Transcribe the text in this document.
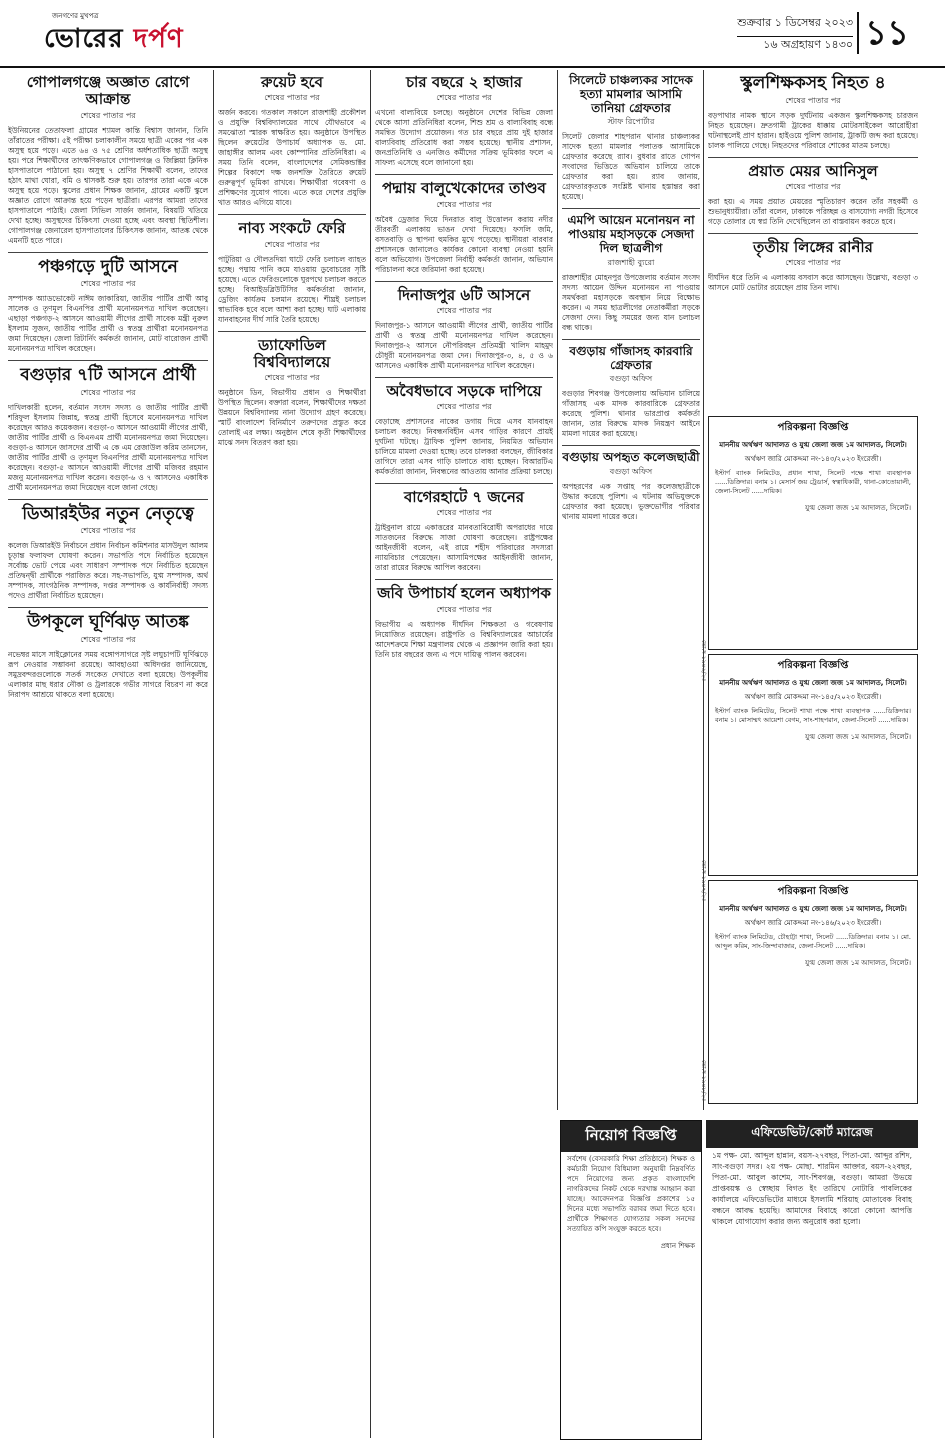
জনগণের মুখপত্র
ভোরের দর্পণ
শুক্রবার ১ ডিসেম্বর ২০২৩
১৬ অগ্রহায়ণ ১৪৩০ ১১
গোপালগঞ্জে অজ্ঞাত রোগে আক্রান্ত
শেষের পাতার পর

ইউনিয়নের তেতাফলা গ্রামের শ্যামল কান্তি বিশ্বাস জানান, তিনি তাঁরাতের পরীক্ষা। ৫ই পরীক্ষা চলাকালীন সময়ে ছাত্রী একের পর এক অসুস্থ হয়ে পড়ে। এতে ৬৪ ও ৭৫ শ্রেণির অর্ধশতাধিক ছাত্রী অসুস্থ হয়। পরে শিক্ষার্থীদের তাৎক্ষণিকভাবে গোপালগঞ্জ ও জিল্লিয়া ক্লিনিক হাসপাতালে পাঠানো হয়। অসুস্থ ৭ শ্রেণির শিক্ষার্থী বলেন, তাদের হঠাৎ মাথা ঘোরা, বমি ও শ্বাসকষ্ট শুরু হয়। তারপর তারা একে একে অসুস্থ হয়ে পড়ে। স্কুলের প্রধান শিক্ষক জানান, গ্রামের একটি স্কুলে অজ্ঞাত রোগে আক্রান্ত হয়ে পড়েন ছাত্রীরা। এরপর আমরা তাদের হাসপাতালে পাঠাই। জেলা সিভিল সার্জন জানান, বিষয়টি খতিয়ে দেখা হচ্ছে। অসুস্থদের চিকিৎসা দেওয়া হচ্ছে এবং অবস্থা স্থিতিশীল। গোপালগঞ্জ জেনারেল হাসপাতালের চিকিৎসক জানান, আতঙ্ক থেকে এমনটি হতে পারে।

পঞ্চগড়ে দুটি আসনে
শেষের পাতার পর

সম্পাদক অ্যাডভোকেট নাঈম জাকারিয়া, জাতীয় পার্টির প্রার্থী আবু সালেক ও তৃণমূল বিএনপির প্রার্থী মনোনয়নপত্র দাখিল করেছেন। এছাড়া পঞ্চগড়-২ আসনে আওয়ামী লীগের প্রার্থী সাবেক মন্ত্রী নুরুল ইসলাম সুজন, জাতীয় পার্টির প্রার্থী ও স্বতন্ত্র প্রার্থীরা মনোনয়নপত্র জমা দিয়েছেন। জেলা রিটার্নিং কর্মকর্তা জানান, মোট বারোজন প্রার্থী মনোনয়নপত্র দাখিল করেছেন।

বগুড়ার ৭টি আসনে প্রার্থী
শেষের পাতার পর

দাখিলকারী হলেন, বর্তমান সংসদ সদস্য ও জাতীয় পার্টির প্রার্থী শরিফুল ইসলাম জিন্নাহ, স্বতন্ত্র প্রার্থী হিসেবে মনোনয়নপত্র দাখিল করেছেন আরও কয়েকজন। বগুড়া-৩ আসনে আওয়ামী লীগের প্রার্থী, জাতীয় পার্টির প্রার্থী ও বিএনএম প্রার্থী মনোনয়নপত্র জমা দিয়েছেন। বগুড়া-৪ আসনে জাসদের প্রার্থী এ কে এম রেজাউল করিম তানসেন, জাতীয় পার্টির প্রার্থী ও তৃণমূল বিএনপির প্রার্থী মনোনয়নপত্র দাখিল করেছেন। বগুড়া-৫ আসনে আওয়ামী লীগের প্রার্থী মজিবর রহমান মজনু মনোনয়নপত্র দাখিল করেন। বগুড়া-৬ ও ৭ আসনেও একাধিক প্রার্থী মনোনয়নপত্র জমা দিয়েছেন বলে জানা গেছে।

ডিআরইউর নতুন নেতৃত্বে
শেষের পাতার পর

কলেজ ডিআরইউ নির্বাচনে প্রধান নির্বাচন কমিশনার মাসউদুল আলম চূড়ান্ত ফলাফল ঘোষণা করেন। সভাপতি পদে নির্বাচিত হয়েছেন সর্বোচ্চ ভোট পেয়ে এবং সাধারণ সম্পাদক পদে নির্বাচিত হয়েছেন প্রতিদ্বন্দ্বী প্রার্থীকে পরাজিত করে। সহ-সভাপতি, যুগ্ম সম্পাদক, অর্থ সম্পাদক, সাংগঠনিক সম্পাদক, দপ্তর সম্পাদক ও কার্যনির্বাহী সদস্য পদেও প্রার্থীরা নির্বাচিত হয়েছেন।

উপকূলে ঘূর্ণিঝড় আতঙ্ক
শেষের পাতার পর

নভেম্বর মাসে সাইক্লোনের সময় বঙ্গোপসাগরে সৃষ্ট লঘুচাপটি ঘূর্ণিঝড়ে রূপ নেওয়ার সম্ভাবনা রয়েছে। আবহাওয়া অধিদপ্তর জানিয়েছে, সমুদ্রবন্দরগুলোকে সতর্ক সংকেত দেখাতে বলা হয়েছে। উপকূলীয় এলাকার মাছ ধরার নৌকা ও ট্রলারকে গভীর সাগরে বিচরণ না করে নিরাপদ আশ্রয়ে থাকতে বলা হয়েছে।

রুয়েট হবে
শেষের পাতার পর

অর্জন করবে। গতকাল সকালে রাজশাহী প্রকৌশল ও প্রযুক্তি বিশ্ববিদ্যালয়ের সাথে যৌথভাবে এ সমঝোতা স্মারক স্বাক্ষরিত হয়। অনুষ্ঠানে উপস্থিত ছিলেন রুয়েটের উপাচার্য অধ্যাপক ড. মো. জাহাঙ্গীর আলম এবং কোম্পানির প্রতিনিধিরা। এ সময় তিনি বলেন, বাংলাদেশের সেমিকন্ডাক্টর শিল্পের বিকাশে দক্ষ জনশক্তি তৈরিতে রুয়েট গুরুত্বপূর্ণ ভূমিকা রাখবে। শিক্ষার্থীরা গবেষণা ও প্রশিক্ষণের সুযোগ পাবে। এতে করে দেশের প্রযুক্তি খাত আরও এগিয়ে যাবে।

নাব্য সংকটে ফেরি
শেষের পাতার পর

পাটুরিয়া ও দৌলতদিয়া ঘাটে ফেরি চলাচল ব্যাহত হচ্ছে। পদ্মায় পানি কমে যাওয়ায় ডুবোচরের সৃষ্টি হয়েছে। এতে ফেরিগুলোকে ঘুরপথে চলাচল করতে হচ্ছে। বিআইডব্লিউটিসির কর্মকর্তারা জানান, ড্রেজিং কার্যক্রম চলমান রয়েছে। শীঘ্রই চলাচল স্বাভাবিক হবে বলে আশা করা হচ্ছে। ঘাট এলাকায় যানবাহনের দীর্ঘ সারি তৈরি হয়েছে।

ড্যাফোডিল বিশ্ববিদ্যালয়ে
শেষের পাতার পর

অনুষ্ঠানে ডিন, বিভাগীয় প্রধান ও শিক্ষার্থীরা উপস্থিত ছিলেন। বক্তারা বলেন, শিক্ষার্থীদের দক্ষতা উন্নয়নে বিশ্ববিদ্যালয় নানা উদ্যোগ গ্রহণ করেছে। স্মার্ট বাংলাদেশ বিনির্মাণে তরুণদের প্রস্তুত করে তোলাই এর লক্ষ্য। অনুষ্ঠান শেষে কৃতী শিক্ষার্থীদের মাঝে সনদ বিতরণ করা হয়।

চার বছরে ২ হাজার
শেষের পাতার পর

এখনো বাল্যবিয়ে চলছে। অনুষ্ঠানে দেশের বিভিন্ন জেলা থেকে আসা প্রতিনিধিরা বলেন, শিশু শ্রম ও বাল্যবিবাহ বন্ধে সমন্বিত উদ্যোগ প্রয়োজন। গত চার বছরে প্রায় দুই হাজার বাল্যবিবাহ প্রতিরোধ করা সম্ভব হয়েছে। স্থানীয় প্রশাসন, জনপ্রতিনিধি ও এনজিও কর্মীদের সক্রিয় ভূমিকার ফলে এ সাফল্য এসেছে বলে জানানো হয়।

পদ্মায় বালুখেকোদের তাণ্ডব
শেষের পাতার পর

অবৈধ ড্রেজার দিয়ে দিনরাত বালু উত্তোলন করায় নদীর তীরবর্তী এলাকায় ভাঙন দেখা দিয়েছে। ফসলি জমি, বসতবাড়ি ও স্থাপনা হুমকির মুখে পড়েছে। স্থানীয়রা বারবার প্রশাসনকে জানালেও কার্যকর কোনো ব্যবস্থা নেওয়া হয়নি বলে অভিযোগ। উপজেলা নির্বাহী কর্মকর্তা জানান, অভিযান পরিচালনা করে জরিমানা করা হয়েছে।

দিনাজপুর ৬টি আসনে
শেষের পাতার পর

দিনাজপুর-১ আসনে আওয়ামী লীগের প্রার্থী, জাতীয় পার্টির প্রার্থী ও স্বতন্ত্র প্রার্থী মনোনয়নপত্র দাখিল করেছেন। দিনাজপুর-২ আসনে নৌপরিবহন প্রতিমন্ত্রী খালিদ মাহমুদ চৌধুরী মনোনয়নপত্র জমা দেন। দিনাজপুর-৩, ৪, ৫ ও ৬ আসনেও একাধিক প্রার্থী মনোনয়নপত্র দাখিল করেছেন।

অবৈধভাবে সড়কে দাপিয়ে
শেষের পাতার পর

বেড়াচ্ছে প্রশাসনের নাকের ডগায় দিয়ে এসব যানবাহন চলাচল করছে। নিবন্ধনবিহীন এসব গাড়ির কারণে প্রায়ই দুর্ঘটনা ঘটছে। ট্রাফিক পুলিশ জানায়, নিয়মিত অভিযান চালিয়ে মামলা দেওয়া হচ্ছে। তবে চালকরা বলছেন, জীবিকার তাগিদে তারা এসব গাড়ি চালাতে বাধ্য হচ্ছেন। বিআরটিএ কর্মকর্তারা জানান, নিবন্ধনের আওতায় আনার প্রক্রিয়া চলছে।

বাগেরহাটে ৭ জনের
শেষের পাতার পর

ট্রাইবুনাল রায়ে একাত্তরের মানবতাবিরোধী অপরাধের দায়ে সাতজনের বিরুদ্ধে সাজা ঘোষণা করেছেন। রাষ্ট্রপক্ষের আইনজীবী বলেন, এই রায়ে শহীদ পরিবারের সদস্যরা ন্যায়বিচার পেয়েছেন। আসামিপক্ষের আইনজীবী জানান, তারা রায়ের বিরুদ্ধে আপিল করবেন।

জবি উপাচার্য হলেন অধ্যাপক
শেষের পাতার পর

বিভাগীয় এ অধ্যাপক দীর্ঘদিন শিক্ষকতা ও গবেষণায় নিয়োজিত রয়েছেন। রাষ্ট্রপতি ও বিশ্ববিদ্যালয়ের আচার্যের আদেশক্রমে শিক্ষা মন্ত্রণালয় থেকে এ প্রজ্ঞাপন জারি করা হয়। তিনি চার বছরের জন্য এ পদে দায়িত্ব পালন করবেন।

সিলেটে চাঞ্চল্যকর সাদেক হত্যা মামলার আসামি তানিয়া গ্রেফতার
স্টাফ রিপোর্টার

সিলেট জেলার শাহপরান থানার চাঞ্চল্যকর সাদেক হত্যা মামলার পলাতক আসামিকে গ্রেফতার করেছে র‍্যাব। বুধবার রাতে গোপন সংবাদের ভিত্তিতে অভিযান চালিয়ে তাকে গ্রেফতার করা হয়। র‍্যাব জানায়, গ্রেফতারকৃতকে সংশ্লিষ্ট থানায় হস্তান্তর করা হয়েছে।

এমপি আয়েন মনোনয়ন না পাওয়ায় মহাসড়কে সেজদা দিল ছাত্রলীগ
রাজশাহী ব্যুরো

রাজশাহীর মোহনপুর উপজেলায় বর্তমান সংসদ সদস্য আয়েন উদ্দিন মনোনয়ন না পাওয়ায় সমর্থকরা মহাসড়কে অবস্থান নিয়ে বিক্ষোভ করেন। এ সময় ছাত্রলীগের নেতাকর্মীরা সড়কে সেজদা দেন। কিছু সময়ের জন্য যান চলাচল বন্ধ থাকে।

বগুড়ায় গাঁজাসহ কারবারি গ্রেফতার
বগুড়া অফিস

বগুড়ার শিবগঞ্জ উপজেলায় অভিযান চালিয়ে গাঁজাসহ এক মাদক কারবারিকে গ্রেফতার করেছে পুলিশ। থানার ভারপ্রাপ্ত কর্মকর্তা জানান, তার বিরুদ্ধে মাদক নিয়ন্ত্রণ আইনে মামলা দায়ের করা হয়েছে।

বগুড়ায় অপহৃত কলেজছাত্রী
বগুড়া অফিস

অপহরণের এক সপ্তাহ পর কলেজছাত্রীকে উদ্ধার করেছে পুলিশ। এ ঘটনায় অভিযুক্তকে গ্রেফতার করা হয়েছে। ভুক্তভোগীর পরিবার থানায় মামলা দায়ের করে।

স্কুলশিক্ষকসহ নিহত ৪
শেষের পাতার পর

বড়পাথার নামক স্থানে সড়ক দুর্ঘটনায় একজন স্কুলশিক্ষকসহ চারজন নিহত হয়েছেন। দ্রুতগামী ট্রাকের ধাক্কায় মোটরসাইকেল আরোহীরা ঘটনাস্থলেই প্রাণ হারান। হাইওয়ে পুলিশ জানায়, ট্রাকটি জব্দ করা হয়েছে। চালক পালিয়ে গেছে। নিহতদের পরিবারে শোকের মাতম চলছে।

প্রয়াত মেয়র আনিসুল
শেষের পাতার পর

করা হয়। এ সময় প্রয়াত মেয়রের স্মৃতিচারণ করেন তাঁর সহকর্মী ও শুভানুধ্যায়ীরা। তাঁরা বলেন, ঢাকাকে পরিচ্ছন্ন ও বাসযোগ্য নগরী হিসেবে গড়ে তোলার যে স্বপ্ন তিনি দেখেছিলেন তা বাস্তবায়ন করতে হবে।

তৃতীয় লিঙ্গের রানীর
শেষের পাতার পর

দীর্ঘদিন ধরে তিনি এ এলাকায় বসবাস করে আসছেন। উল্লেখ্য, বগুড়া ৩ আসনে মোট ভোটার রয়েছেন প্রায় তিন লাখ।

পরিকল্পনা বিজ্ঞপ্তি
মাননীয় অর্থঋণ আদালত ও যুগ্ম জেলা জজ ১ম আদালত, সিলেট।
অর্থঋণ জারি মোকদ্দমা নং-১৪৩/২০২৩ ইংরেজী।
ইস্টার্ণ ব্যাংক লিমিটেড, প্রধান শাখা, সিলেট পক্ষে শাখা ব্যবস্থাপক ......ডিক্রিদার। বনাম ১। মেসার্স জয় ট্রেডার্স, স্বত্বাধিকারী, থানা-কোতোয়ালী, জেলা-সিলেট ......দায়িক।
যুগ্ম জেলা জজ ১ম আদালত, সিলেট।
পরিকল্পনা বিজ্ঞপ্তি
মাননীয় অর্থঋণ আদালত ও যুগ্ম জেলা জজ ১ম আদালত, সিলেট।
অর্থঋণ জারি মোকদ্দমা নং-১৪৫/২০২৩ ইংরেজী।
ইস্টার্ণ ব্যাংক লিমিটেড, সিলেট শাখা পক্ষে শাখা ব্যবস্থাপক ......ডিক্রিদার। বনাম ১। মোসাম্মৎ আয়েশা বেগম, সাং-শাহপরান, জেলা-সিলেট ......দায়িক।
যুগ্ম জেলা জজ ১ম আদালত, সিলেট।
পরিকল্পনা বিজ্ঞপ্তি
মাননীয় অর্থঋণ আদালত ও যুগ্ম জেলা জজ ১ম আদালত, সিলেট।
অর্থঋণ জারি মোকদ্দমা নং-১৪৬/২০২৩ ইংরেজী।
ইস্টার্ণ ব্যাংক লিমিটেড, চৌহাট্টা শাখা, সিলেট ......ডিক্রিদার। বনাম ১। মো. আব্দুল করিম, সাং-জিন্দাবাজার, জেলা-সিলেট ......দায়িক।
যুগ্ম জেলা জজ ১ম আদালত, সিলেট।
ভো.দ-১৯৪৬/২৩
ভো.দ-১৯৪৭/২৩
ভো.দ-১৯৪৮/২৩
নিয়োগ বিজ্ঞপ্তি
সর্বশেষ (বেসরকারি শিক্ষা প্রতিষ্ঠানে) শিক্ষক ও কর্মচারী নিয়োগ বিধিমালা অনুযায়ী নিম্নবর্ণিত পদে নিয়োগের জন্য প্রকৃত বাংলাদেশি নাগরিকদের নিকট থেকে দরখাস্ত আহ্বান করা যাচ্ছে। আবেদনপত্র বিজ্ঞপ্তি প্রকাশের ১৫ দিনের মধ্যে সভাপতি বরাবর জমা দিতে হবে। প্রার্থীকে শিক্ষাগত যোগ্যতার সকল সনদের সত্যায়িত কপি সংযুক্ত করতে হবে।
প্রধান শিক্ষক
এফিডেভিট/কোর্ট ম্যারেজ
১ম পক্ষ- মো. আব্দুল হান্নান, বয়স-২৭বছর, পিতা-মো. আব্দুর রশিদ, সাং-বগুড়া সদর। ২য় পক্ষ- মোছা. শারমিন আক্তার, বয়স-২২বছর, পিতা-মো. আবুল কাশেম, সাং-শিবগঞ্জ, বগুড়া। আমরা উভয়ে প্রাপ্তবয়স্ক ও স্বেচ্ছায় বিগত ইং তারিখে নোটারি পাবলিকের কার্যালয়ে এফিডেভিটের মাধ্যমে ইসলামি শরিয়াহ মোতাবেক বিবাহ বন্ধনে আবদ্ধ হয়েছি। আমাদের বিবাহে কারো কোনো আপত্তি থাকলে যোগাযোগ করার জন্য অনুরোধ করা হলো।
